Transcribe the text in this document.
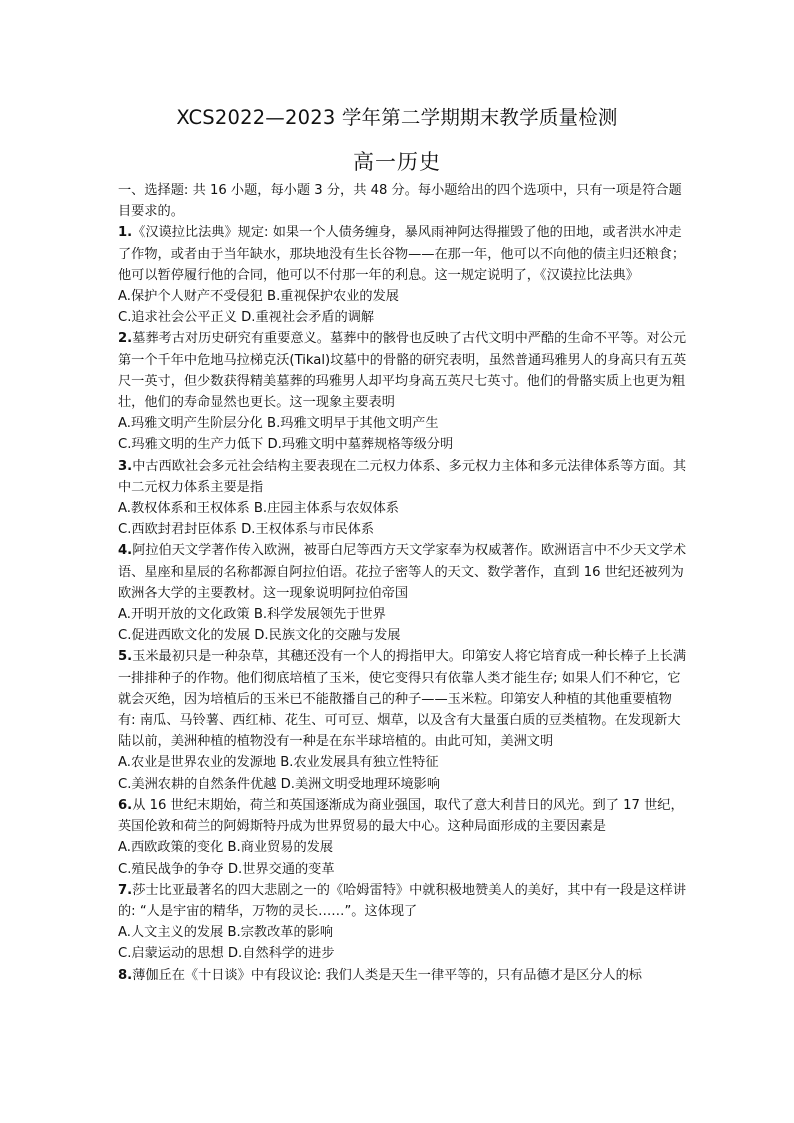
XCS2022—2023 学年第二学期期末教学质量检测
高一历史

一、选择题: 共 16 小题，每小题 3 分，共 48 分。每小题给出的四个选项中，只有一项是符合题目要求的。

1.《汉谟拉比法典》规定: 如果一个人债务缠身，暴风雨神阿达得摧毁了他的田地，或者洪水冲走了作物，或者由于当年缺水，那块地没有生长谷物——在那一年，他可以不向他的债主归还粮食；他可以暂停履行他的合同，他可以不付那一年的利息。这一规定说明了，《汉谟拉比法典》

A.保护个人财产不受侵犯 B.重视保护农业的发展

C.追求社会公平正义 D.重视社会矛盾的调解

2.墓葬考古对历史研究有重要意义。墓葬中的骸骨也反映了古代文明中严酷的生命不平等。对公元第一个千年中危地马拉梯克沃(Tikal)坟墓中的骨骼的研究表明，虽然普通玛雅男人的身高只有五英尺一英寸，但少数获得精美墓葬的玛雅男人却平均身高五英尺七英寸。他们的骨骼实质上也更为粗壮，他们的寿命显然也更长。这一现象主要表明

A.玛雅文明产生阶层分化 B.玛雅文明早于其他文明产生

C.玛雅文明的生产力低下 D.玛雅文明中墓葬规格等级分明

3.中古西欧社会多元社会结构主要表现在二元权力体系、多元权力主体和多元法律体系等方面。其中二元权力体系主要是指

A.教权体系和王权体系 B.庄园主体系与农奴体系

C.西欧封君封臣体系 D.王权体系与市民体系

4.阿拉伯天文学著作传入欧洲，被哥白尼等西方天文学家奉为权威著作。欧洲语言中不少天文学术语、星座和星辰的名称都源自阿拉伯语。花拉子密等人的天文、数学著作，直到 16 世纪还被列为欧洲各大学的主要教材。这一现象说明阿拉伯帝国

A.开明开放的文化政策 B.科学发展领先于世界

C.促进西欧文化的发展 D.民族文化的交融与发展

5.玉米最初只是一种杂草，其穗还没有一个人的拇指甲大。印第安人将它培育成一种长棒子上长满一排排种子的作物。他们彻底培植了玉米，使它变得只有依靠人类才能生存; 如果人们不种它，它就会灭绝，因为培植后的玉米已不能散播自己的种子——玉米粒。印第安人种植的其他重要植物有: 南瓜、马铃薯、西红柿、花生、可可豆、烟草，以及含有大量蛋白质的豆类植物。在发现新大陆以前，美洲种植的植物没有一种是在东半球培植的。由此可知，美洲文明

A.农业是世界农业的发源地 B.农业发展具有独立性特征

C.美洲农耕的自然条件优越 D.美洲文明受地理环境影响

6.从 16 世纪末期始，荷兰和英国逐渐成为商业强国，取代了意大利昔日的风光。到了 17 世纪，英国伦敦和荷兰的阿姆斯特丹成为世界贸易的最大中心。这种局面形成的主要因素是

A.西欧政策的变化 B.商业贸易的发展

C.殖民战争的争夺 D.世界交通的变革

7.莎士比亚最著名的四大悲剧之一的《哈姆雷特》中就积极地赞美人的美好，其中有一段是这样讲的: “人是宇宙的精华，万物的灵长……”。这体现了

A.人文主义的发展 B.宗教改革的影响

C.启蒙运动的思想 D.自然科学的进步

8.薄伽丘在《十日谈》中有段议论: 我们人类是天生一律平等的，只有品德才是区分人的标
